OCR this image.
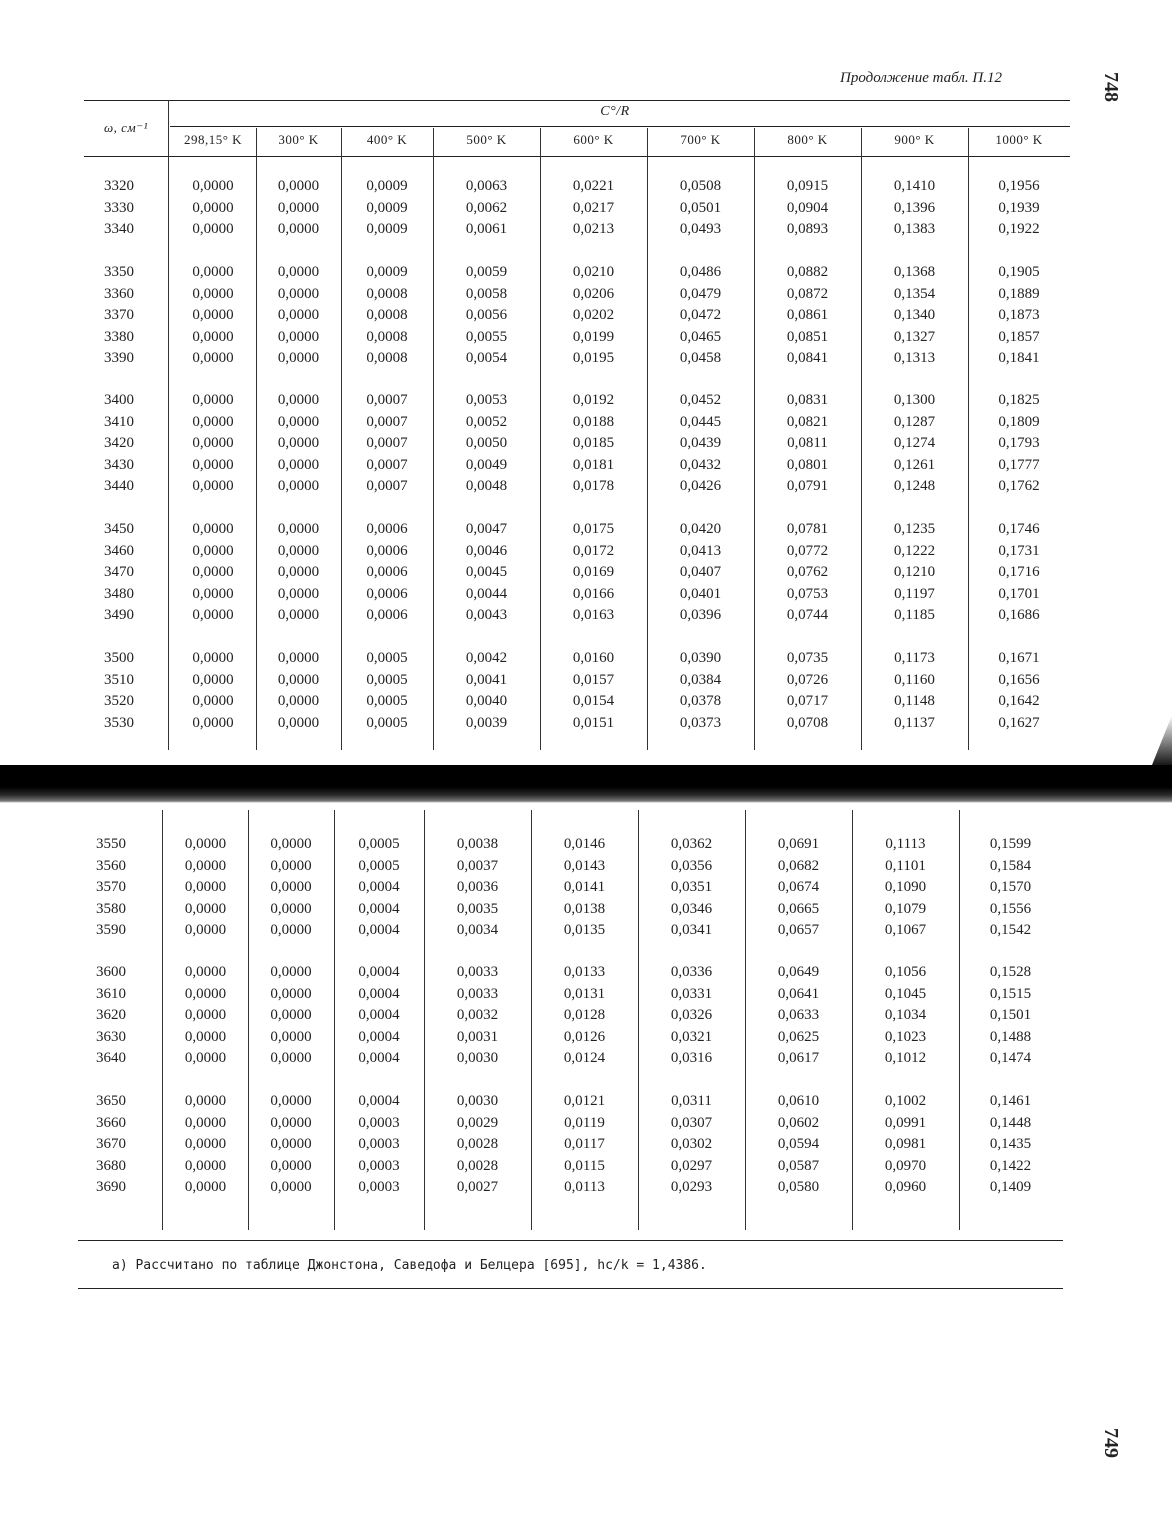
748
Продолжение табл. П.12
C°/R
ω, см⁻¹
298,15° K	300° K	400° K	500° K	600° K	700° K	800° K	900° K	1000° K
3320	0,0000	0,0000	0,0009	0,0063	0,0221	0,0508	0,0915	0,1410	0,1956
3330	0,0000	0,0000	0,0009	0,0062	0,0217	0,0501	0,0904	0,1396	0,1939
3340	0,0000	0,0000	0,0009	0,0061	0,0213	0,0493	0,0893	0,1383	0,1922
3350	0,0000	0,0000	0,0009	0,0059	0,0210	0,0486	0,0882	0,1368	0,1905
3360	0,0000	0,0000	0,0008	0,0058	0,0206	0,0479	0,0872	0,1354	0,1889
3370	0,0000	0,0000	0,0008	0,0056	0,0202	0,0472	0,0861	0,1340	0,1873
3380	0,0000	0,0000	0,0008	0,0055	0,0199	0,0465	0,0851	0,1327	0,1857
3390	0,0000	0,0000	0,0008	0,0054	0,0195	0,0458	0,0841	0,1313	0,1841
3400	0,0000	0,0000	0,0007	0,0053	0,0192	0,0452	0,0831	0,1300	0,1825
3410	0,0000	0,0000	0,0007	0,0052	0,0188	0,0445	0,0821	0,1287	0,1809
3420	0,0000	0,0000	0,0007	0,0050	0,0185	0,0439	0,0811	0,1274	0,1793
3430	0,0000	0,0000	0,0007	0,0049	0,0181	0,0432	0,0801	0,1261	0,1777
3440	0,0000	0,0000	0,0007	0,0048	0,0178	0,0426	0,0791	0,1248	0,1762
3450	0,0000	0,0000	0,0006	0,0047	0,0175	0,0420	0,0781	0,1235	0,1746
3460	0,0000	0,0000	0,0006	0,0046	0,0172	0,0413	0,0772	0,1222	0,1731
3470	0,0000	0,0000	0,0006	0,0045	0,0169	0,0407	0,0762	0,1210	0,1716
3480	0,0000	0,0000	0,0006	0,0044	0,0166	0,0401	0,0753	0,1197	0,1701
3490	0,0000	0,0000	0,0006	0,0043	0,0163	0,0396	0,0744	0,1185	0,1686
3500	0,0000	0,0000	0,0005	0,0042	0,0160	0,0390	0,0735	0,1173	0,1671
3510	0,0000	0,0000	0,0005	0,0041	0,0157	0,0384	0,0726	0,1160	0,1656
3520	0,0000	0,0000	0,0005	0,0040	0,0154	0,0378	0,0717	0,1148	0,1642
3530	0,0000	0,0000	0,0005	0,0039	0,0151	0,0373	0,0708	0,1137	0,1627
3550	0,0000	0,0000	0,0005	0,0038	0,0146	0,0362	0,0691	0,1113	0,1599
3560	0,0000	0,0000	0,0005	0,0037	0,0143	0,0356	0,0682	0,1101	0,1584
3570	0,0000	0,0000	0,0004	0,0036	0,0141	0,0351	0,0674	0,1090	0,1570
3580	0,0000	0,0000	0,0004	0,0035	0,0138	0,0346	0,0665	0,1079	0,1556
3590	0,0000	0,0000	0,0004	0,0034	0,0135	0,0341	0,0657	0,1067	0,1542
3600	0,0000	0,0000	0,0004	0,0033	0,0133	0,0336	0,0649	0,1056	0,1528
3610	0,0000	0,0000	0,0004	0,0033	0,0131	0,0331	0,0641	0,1045	0,1515
3620	0,0000	0,0000	0,0004	0,0032	0,0128	0,0326	0,0633	0,1034	0,1501
3630	0,0000	0,0000	0,0004	0,0031	0,0126	0,0321	0,0625	0,1023	0,1488
3640	0,0000	0,0000	0,0004	0,0030	0,0124	0,0316	0,0617	0,1012	0,1474
3650	0,0000	0,0000	0,0004	0,0030	0,0121	0,0311	0,0610	0,1002	0,1461
3660	0,0000	0,0000	0,0003	0,0029	0,0119	0,0307	0,0602	0,0991	0,1448
3670	0,0000	0,0000	0,0003	0,0028	0,0117	0,0302	0,0594	0,0981	0,1435
3680	0,0000	0,0000	0,0003	0,0028	0,0115	0,0297	0,0587	0,0970	0,1422
3690	0,0000	0,0000	0,0003	0,0027	0,0113	0,0293	0,0580	0,0960	0,1409
а) Рассчитано по таблице Джонстона, Саведофа и Белцера [695], hc/k = 1,4386.
749
